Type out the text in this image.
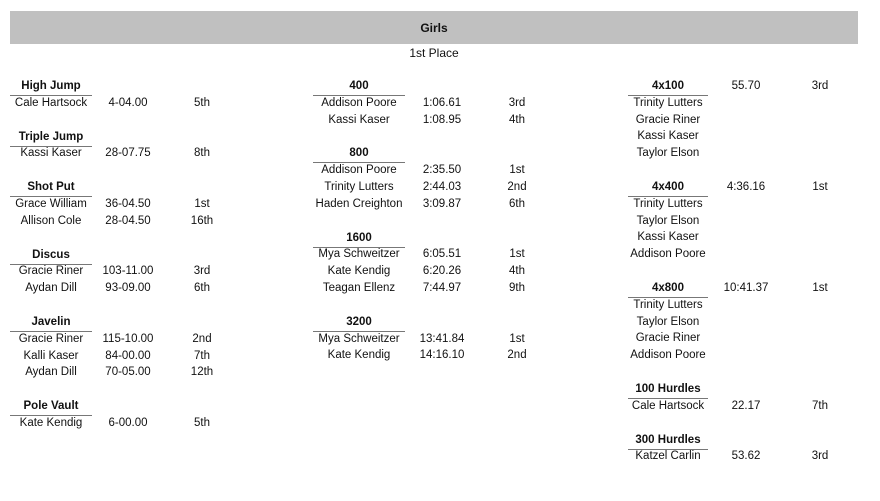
Girls
1st Place
High Jump
Cale Hartsock	4-04.00	5th
Triple Jump
Kassi Kaser	28-07.75	8th
Shot Put
Grace William	36-04.50	1st
Allison Cole	28-04.50	16th
Discus
Gracie Riner	103-11.00	3rd
Aydan Dill	93-09.00	6th
Javelin
Gracie Riner	115-10.00	2nd
Kalli Kaser	84-00.00	7th
Aydan Dill	70-05.00	12th
Pole Vault
Kate Kendig	6-00.00	5th
400
Addison Poore	1:06.61	3rd
Kassi Kaser	1:08.95	4th
800
Addison Poore	2:35.50	1st
Trinity Lutters	2:44.03	2nd
Haden Creighton	3:09.87	6th
1600
Mya Schweitzer	6:05.51	1st
Kate Kendig	6:20.26	4th
Teagan Ellenz	7:44.97	9th
3200
Mya Schweitzer	13:41.84	1st
Kate Kendig	14:16.10	2nd
4x100	55.70	3rd
Trinity Lutters
Gracie Riner
Kassi Kaser
Taylor Elson
4x400	4:36.16	1st
Trinity Lutters
Taylor Elson
Kassi Kaser
Addison Poore
4x800	10:41.37	1st
Trinity Lutters
Taylor Elson
Gracie Riner
Addison Poore
100 Hurdles
Cale Hartsock	22.17	7th
300 Hurdles
Katzel Carlin	53.62	3rd
